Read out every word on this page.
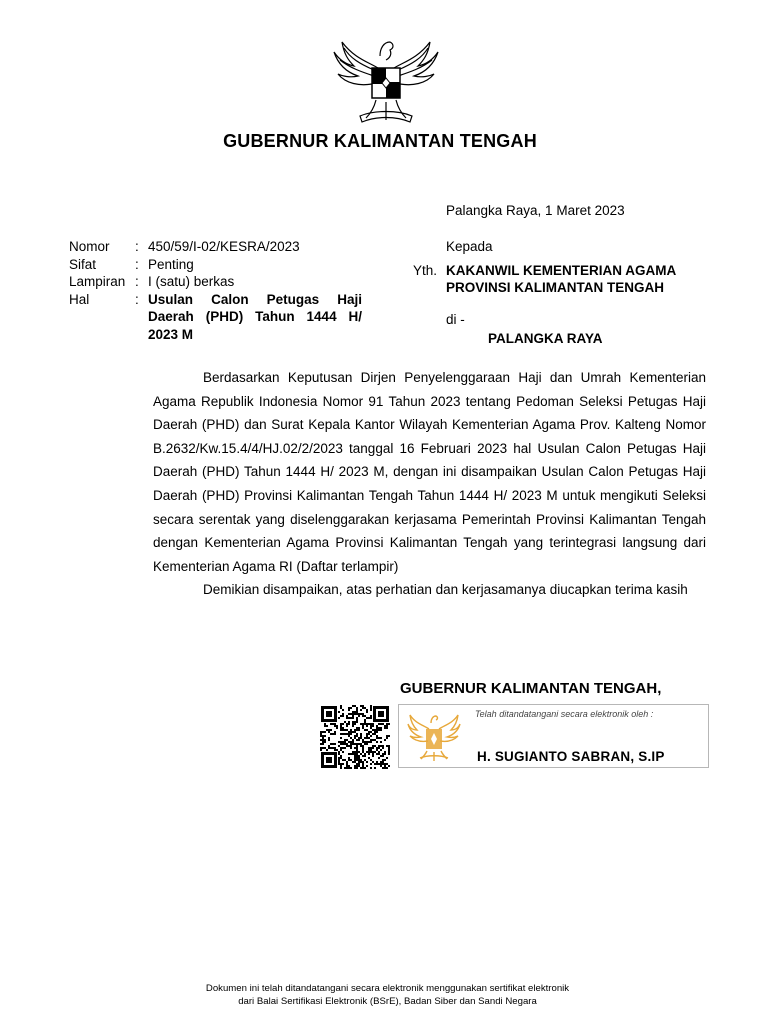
GUBERNUR KALIMANTAN TENGAH
Palangka Raya, 1 Maret 2023
Nomor	: 450/59/I-02/KESRA/2023
Sifat	: Penting
Lampiran : I (satu) berkas
Hal	: Usulan Calon Petugas Haji Daerah (PHD) Tahun 1444 H/ 2023 M
Kepada
Yth. KAKANWIL KEMENTERIAN AGAMA
PROVINSI KALIMANTAN TENGAH
di -
PALANGKA RAYA

Berdasarkan Keputusan Dirjen Penyelenggaraan Haji dan Umrah Kementerian Agama Republik Indonesia Nomor 91 Tahun 2023 tentang Pedoman Seleksi Petugas Haji Daerah (PHD) dan Surat Kepala Kantor Wilayah Kementerian Agama Prov. Kalteng Nomor B.2632/Kw.15.4/4/HJ.02/2/2023 tanggal 16 Februari 2023 hal Usulan Calon Petugas Haji Daerah (PHD) Tahun 1444 H/ 2023 M, dengan ini disampaikan Usulan Calon Petugas Haji Daerah (PHD) Provinsi Kalimantan Tengah Tahun 1444 H/ 2023 M untuk mengikuti Seleksi secara serentak yang diselenggarakan kerjasama Pemerintah Provinsi Kalimantan Tengah dengan Kementerian Agama Provinsi Kalimantan Tengah yang terintegrasi langsung dari Kementerian Agama RI (Daftar terlampir)

Demikian disampaikan, atas perhatian dan kerjasamanya diucapkan terima kasih

GUBERNUR KALIMANTAN TENGAH,
Telah ditandatangani secara elektronik oleh :
H. SUGIANTO SABRAN, S.IP
Dokumen ini telah ditandatangani secara elektronik menggunakan sertifikat elektronik
dari Balai Sertifikasi Elektronik (BSrE), Badan Siber dan Sandi Negara
